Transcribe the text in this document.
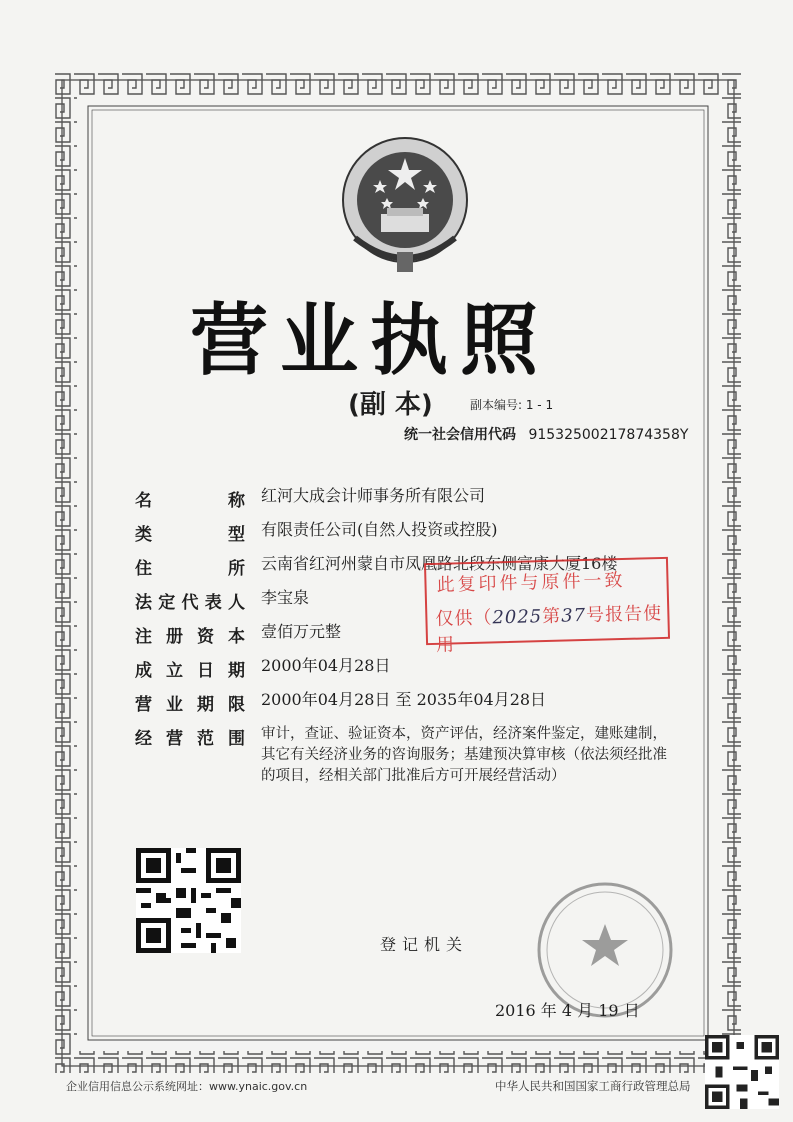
营业执照
(副 本)	副本编号: 1 - 1
统一社会信用代码 91532500217874358Y
名	称	红河大成会计师事务所有限公司
类	型	有限责任公司(自然人投资或控股)
住	所	云南省红河州蒙自市凤凰路北段东侧富康大厦16楼
法 定 代 表 人	李宝泉
注 册 资 本	壹佰万元整
成 立 日 期	2000年04月28日
营 业 期 限	2000年04月28日 至 2035年04月28日
经 营 范 围	审计，查证、验证资本，资产评估，经济案件鉴定，建账建制，其它有关经济业务的咨询服务；基建预决算审核（依法须经批准的项目，经相关部门批准后方可开展经营活动）
此复印件与原件一致
仅供（2025第37号报告使用
登记机关
2016 年 4 月 19 日
企业信用信息公示系统网址：www.ynaic.gov.cn	中华人民共和国国家工商行政管理总局
